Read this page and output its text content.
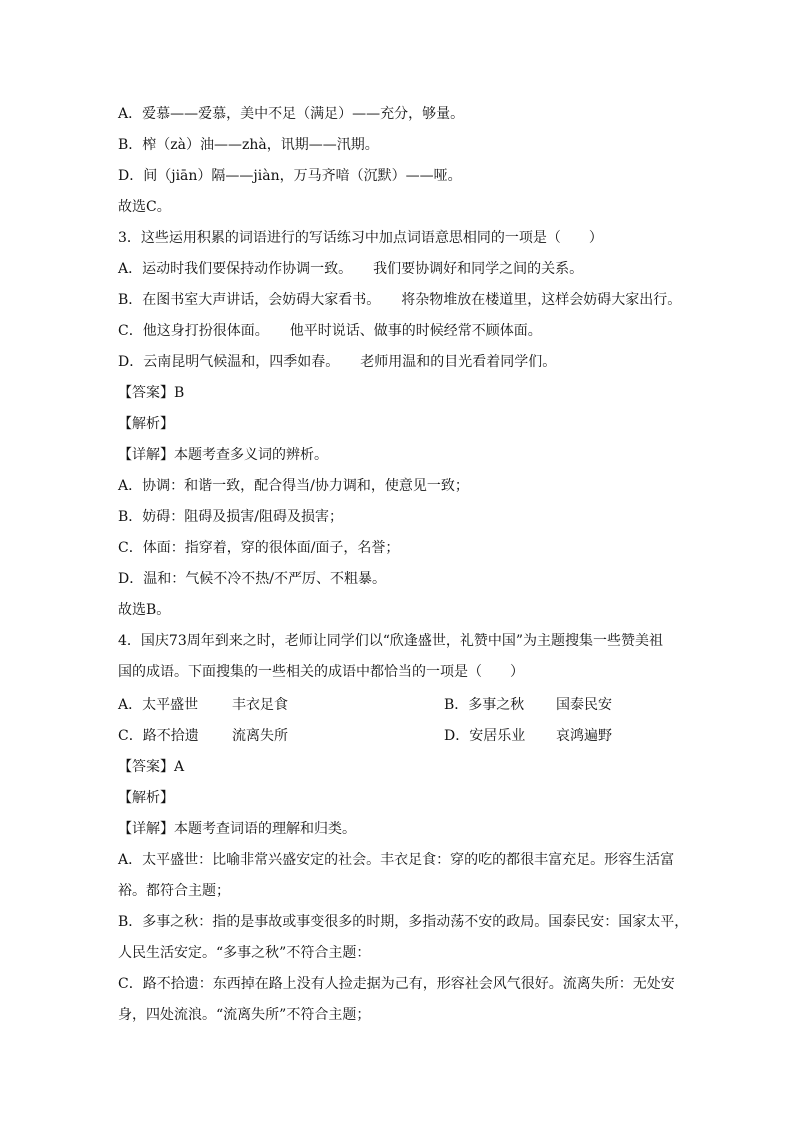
A．爱慕——爱慕，美中不足（满足）——充分，够量。
B．榨（zà）油——zhà，讯期——汛期。
D．间（jiān）隔——jiàn，万马齐喑（沉默）——哑。
故选C。
3．这些运用积累的词语进行的写话练习中加点词语意思相同的一项是（　　）
A．运动时我们要保持动作协调一致。　　我们要协调好和同学之间的关系。
B．在图书室大声讲话，会妨碍大家看书。　　将杂物堆放在楼道里，这样会妨碍大家出行。
C．他这身打扮很体面。　　他平时说话、做事的时候经常不顾体面。
D．云南昆明气候温和，四季如春。　　老师用温和的目光看着同学们。
【答案】B
【解析】
【详解】本题考查多义词的辨析。
A．协调：和谐一致，配合得当/协力调和，使意见一致；
B．妨碍：阻碍及损害/阻碍及损害；
C．体面：指穿着，穿的很体面/面子，名誉；
D．温和：气候不冷不热/不严厉、不粗暴。
故选B。
4．国庆73周年到来之时，老师让同学们以“欣逢盛世，礼赞中国”为主题搜集一些赞美祖
国的成语。下面搜集的一些相关的成语中都恰当的一项是（　　）
A．太平盛世 丰衣足食	B．多事之秋 国泰民安
C．路不拾遗 流离失所	D．安居乐业 哀鸿遍野
【答案】A
【解析】
【详解】本题考查词语的理解和归类。
A．太平盛世：比喻非常兴盛安定的社会。丰衣足食：穿的吃的都很丰富充足。形容生活富
裕。都符合主题；
B．多事之秋：指的是事故或事变很多的时期，多指动荡不安的政局。国泰民安：国家太平，
人民生活安定。“多事之秋”不符合主题：
C．路不拾遗：东西掉在路上没有人捡走据为己有，形容社会风气很好。流离失所：无处安
身，四处流浪。“流离失所”不符合主题；
